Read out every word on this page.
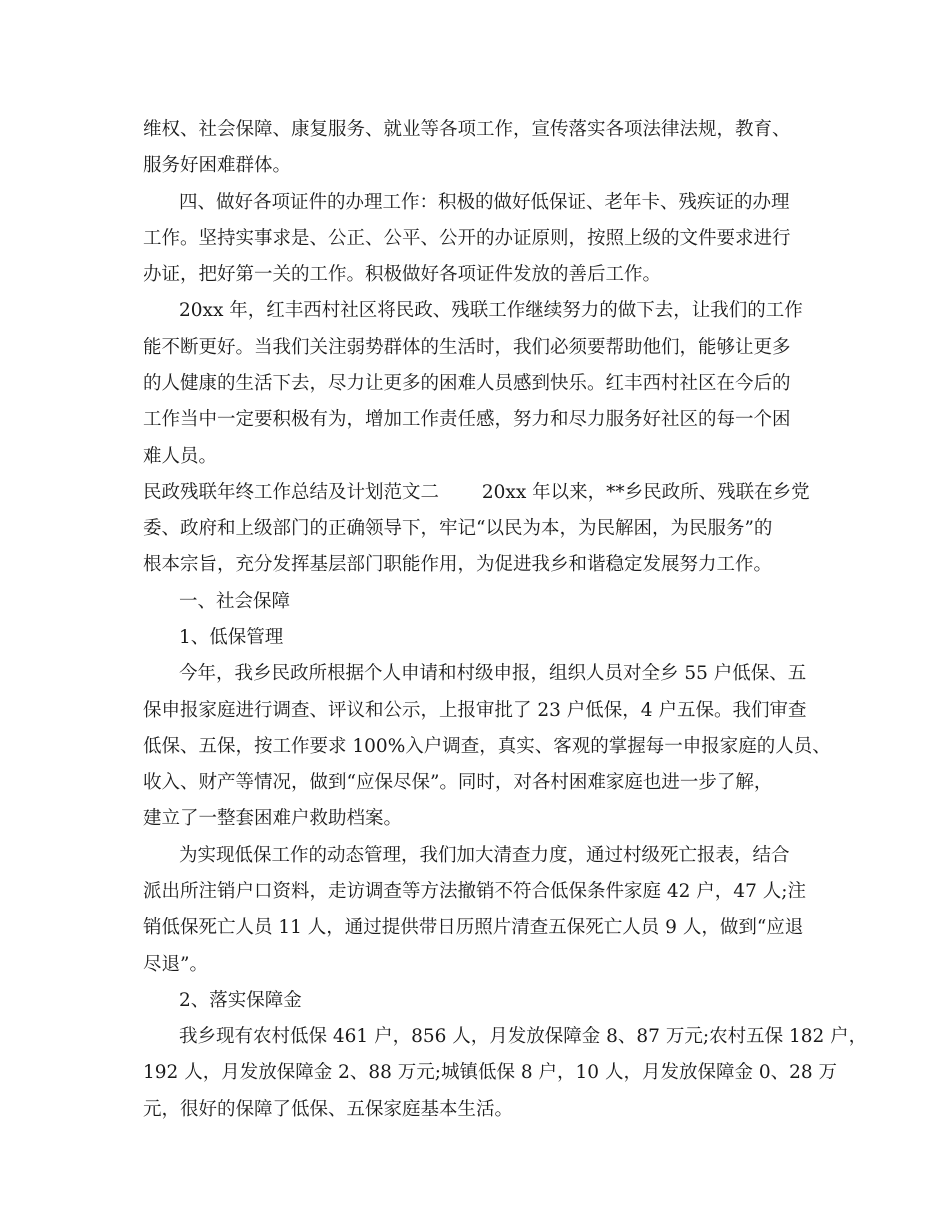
维权、社会保障、康复服务、就业等各项工作，宣传落实各项法律法规，教育、
服务好困难群体。
四、做好各项证件的办理工作：积极的做好低保证、老年卡、残疾证的办理
工作。坚持实事求是、公正、公平、公开的办证原则，按照上级的文件要求进行
办证，把好第一关的工作。积极做好各项证件发放的善后工作。
20xx 年，红丰西村社区将民政、残联工作继续努力的做下去，让我们的工作
能不断更好。当我们关注弱势群体的生活时，我们必须要帮助他们，能够让更多
的人健康的生活下去，尽力让更多的困难人员感到快乐。红丰西村社区在今后的
工作当中一定要积极有为，增加工作责任感，努力和尽力服务好社区的每一个困
难人员。
民政残联年终工作总结及计划范文二　　 20xx 年以来，**乡民政所、残联在乡党
委、政府和上级部门的正确领导下，牢记“以民为本，为民解困，为民服务”的
根本宗旨，充分发挥基层部门职能作用，为促进我乡和谐稳定发展努力工作。
一、社会保障
1、低保管理
今年，我乡民政所根据个人申请和村级申报，组织人员对全乡 55 户低保、五
保申报家庭进行调查、评议和公示，上报审批了 23 户低保，4 户五保。我们审查
低保、五保，按工作要求 100%入户调查，真实、客观的掌握每一申报家庭的人员、
收入、财产等情况，做到“应保尽保”。同时，对各村困难家庭也进一步了解，
建立了一整套困难户救助档案。
为实现低保工作的动态管理，我们加大清查力度，通过村级死亡报表，结合
派出所注销户口资料，走访调查等方法撤销不符合低保条件家庭 42 户，47 人;注
销低保死亡人员 11 人，通过提供带日历照片清查五保死亡人员 9 人，做到“应退
尽退”。
2、落实保障金
我乡现有农村低保 461 户，856 人，月发放保障金 8、87 万元;农村五保 182 户，
192 人，月发放保障金 2、88 万元;城镇低保 8 户，10 人，月发放保障金 0、28 万
元，很好的保障了低保、五保家庭基本生活。
